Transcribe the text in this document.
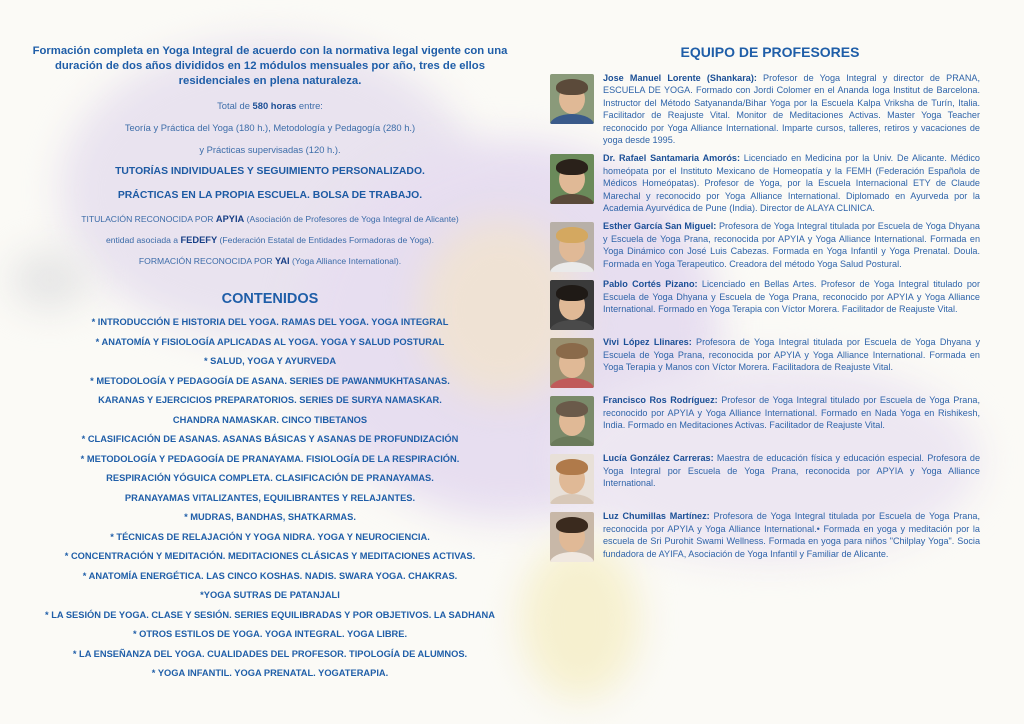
Formación completa en Yoga Integral de acuerdo con la normativa legal vigente con una duración de dos años divididos en 12 módulos mensuales por año, tres de ellos residenciales en plena naturaleza.

Total de 580 horas entre:

Teoría y Práctica del Yoga (180 h.), Metodología y Pedagogía (280 h.)

y Prácticas supervisadas (120 h.).

TUTORÍAS INDIVIDUALES Y SEGUIMIENTO PERSONALIZADO.

PRÁCTICAS EN LA PROPIA ESCUELA. BOLSA DE TRABAJO.

TITULACIÓN RECONOCIDA POR APYIA (Asociación de Profesores de Yoga Integral de Alicante)

entidad asociada a FEDEFY (Federación Estatal de Entidades Formadoras de Yoga).

FORMACIÓN RECONOCIDA POR YAI (Yoga Alliance International).

CONTENIDOS

* INTRODUCCIÓN E HISTORIA DEL YOGA. RAMAS DEL YOGA. YOGA INTEGRAL

* ANATOMÍA Y FISIOLOGÍA APLICADAS AL YOGA. YOGA Y SALUD POSTURAL

* SALUD, YOGA Y AYURVEDA

* METODOLOGÍA Y PEDAGOGÍA DE ASANA. SERIES DE PAWANMUKHTASANAS.

KARANAS Y EJERCICIOS PREPARATORIOS. SERIES DE SURYA NAMASKAR.

CHANDRA NAMASKAR. CINCO TIBETANOS

* CLASIFICACIÓN DE ASANAS. ASANAS BÁSICAS Y ASANAS DE PROFUNDIZACIÓN

* METODOLOGÍA Y PEDAGOGÍA DE PRANAYAMA. FISIOLOGÍA DE LA RESPIRACIÓN.

RESPIRACIÓN YÓGUICA COMPLETA. CLASIFICACIÓN DE PRANAYAMAS.

PRANAYAMAS VITALIZANTES, EQUILIBRANTES Y RELAJANTES.

* MUDRAS, BANDHAS, SHATKARMAS.

* TÉCNICAS DE RELAJACIÓN Y YOGA NIDRA. YOGA Y NEUROCIENCIA.

* CONCENTRACIÓN Y MEDITACIÓN. MEDITACIONES CLÁSICAS Y MEDITACIONES ACTIVAS.

* ANATOMÍA ENERGÉTICA. LAS CINCO KOSHAS. NADIS. SWARA YOGA. CHAKRAS.

*YOGA SUTRAS DE PATANJALI

* LA SESIÓN DE YOGA. CLASE Y SESIÓN. SERIES EQUILIBRADAS Y POR OBJETIVOS. LA SADHANA

* OTROS ESTILOS DE YOGA. YOGA INTEGRAL. YOGA LIBRE.

* LA ENSEÑANZA DEL YOGA. CUALIDADES DEL PROFESOR. TIPOLOGÍA DE ALUMNOS.

* YOGA INFANTIL. YOGA PRENATAL. YOGATERAPIA.

EQUIPO DE PROFESORES
Jose Manuel Lorente (Shankara): Profesor de Yoga Integral y director de PRANA, ESCUELA DE YOGA. Formado con Jordi Colomer en el Ananda Ioga Institut de Barcelona. Instructor del Método Satyananda/Bihar Yoga por la Escuela Kalpa Vriksha de Turín, Italia. Facilitador de Reajuste Vital. Monitor de Meditaciones Activas. Master Yoga Teacher reconocido por Yoga Alliance International. Imparte cursos, talleres, retiros y vacaciones de yoga desde 1995.
Dr. Rafael Santamaria Amorós: Licenciado en Medicina por la Univ. De Alicante. Médico homeópata por el Instituto Mexicano de Homeopatía y la FEMH (Federación Española de Médicos Homeópatas). Profesor de Yoga, por la Escuela Internacional ETY de Claude Marechal y reconocido por Yoga Alliance International. Diplomado en Ayurveda por la Academia Ayurvédica de Pune (India). Director de ALAYA CLINICA.
Esther García San Miguel: Profesora de Yoga Integral titulada por Escuela de Yoga Dhyana y Escuela de Yoga Prana, reconocida por APYIA y Yoga Alliance International. Formada en Yoga Dinámico con José Luis Cabezas. Formada en Yoga Infantil y Yoga Prenatal. Doula. Formada en Yoga Terapeutico. Creadora del método Yoga Salud Postural.
Pablo Cortés Pizano: Licenciado en Bellas Artes. Profesor de Yoga Integral titulado por Escuela de Yoga Dhyana y Escuela de Yoga Prana, reconocido por APYIA y Yoga Alliance International. Formado en Yoga Terapia con Víctor Morera. Facilitador de Reajuste Vital.
Vivi López Llinares: Profesora de Yoga Integral titulada por Escuela de Yoga Dhyana y Escuela de Yoga Prana, reconocida por APYIA y Yoga Alliance International. Formada en Yoga Terapia y Manos con Víctor Morera. Facilitadora de Reajuste Vital.
Francisco Ros Rodríguez: Profesor de Yoga Integral titulado por Escuela de Yoga Prana, reconocido por APYIA y Yoga Alliance International. Formado en Nada Yoga en Rishikesh, India. Formado en Meditaciones Activas. Facilitador de Reajuste Vital.
Lucía González Carreras: Maestra de educación física y educación especial. Profesora de Yoga Integral por Escuela de Yoga Prana, reconocida por APYIA y Yoga Alliance International.
Luz Chumillas Martínez: Profesora de Yoga Integral titulada por Escuela de Yoga Prana, reconocida por APYIA y Yoga Alliance International.• Formada en yoga y meditación por la escuela de Sri Purohit Swami Wellness. Formada en yoga para niños "Chilplay Yoga". Socia fundadora de AYIFA, Asociación de Yoga Infantil y Familiar de Alicante.
